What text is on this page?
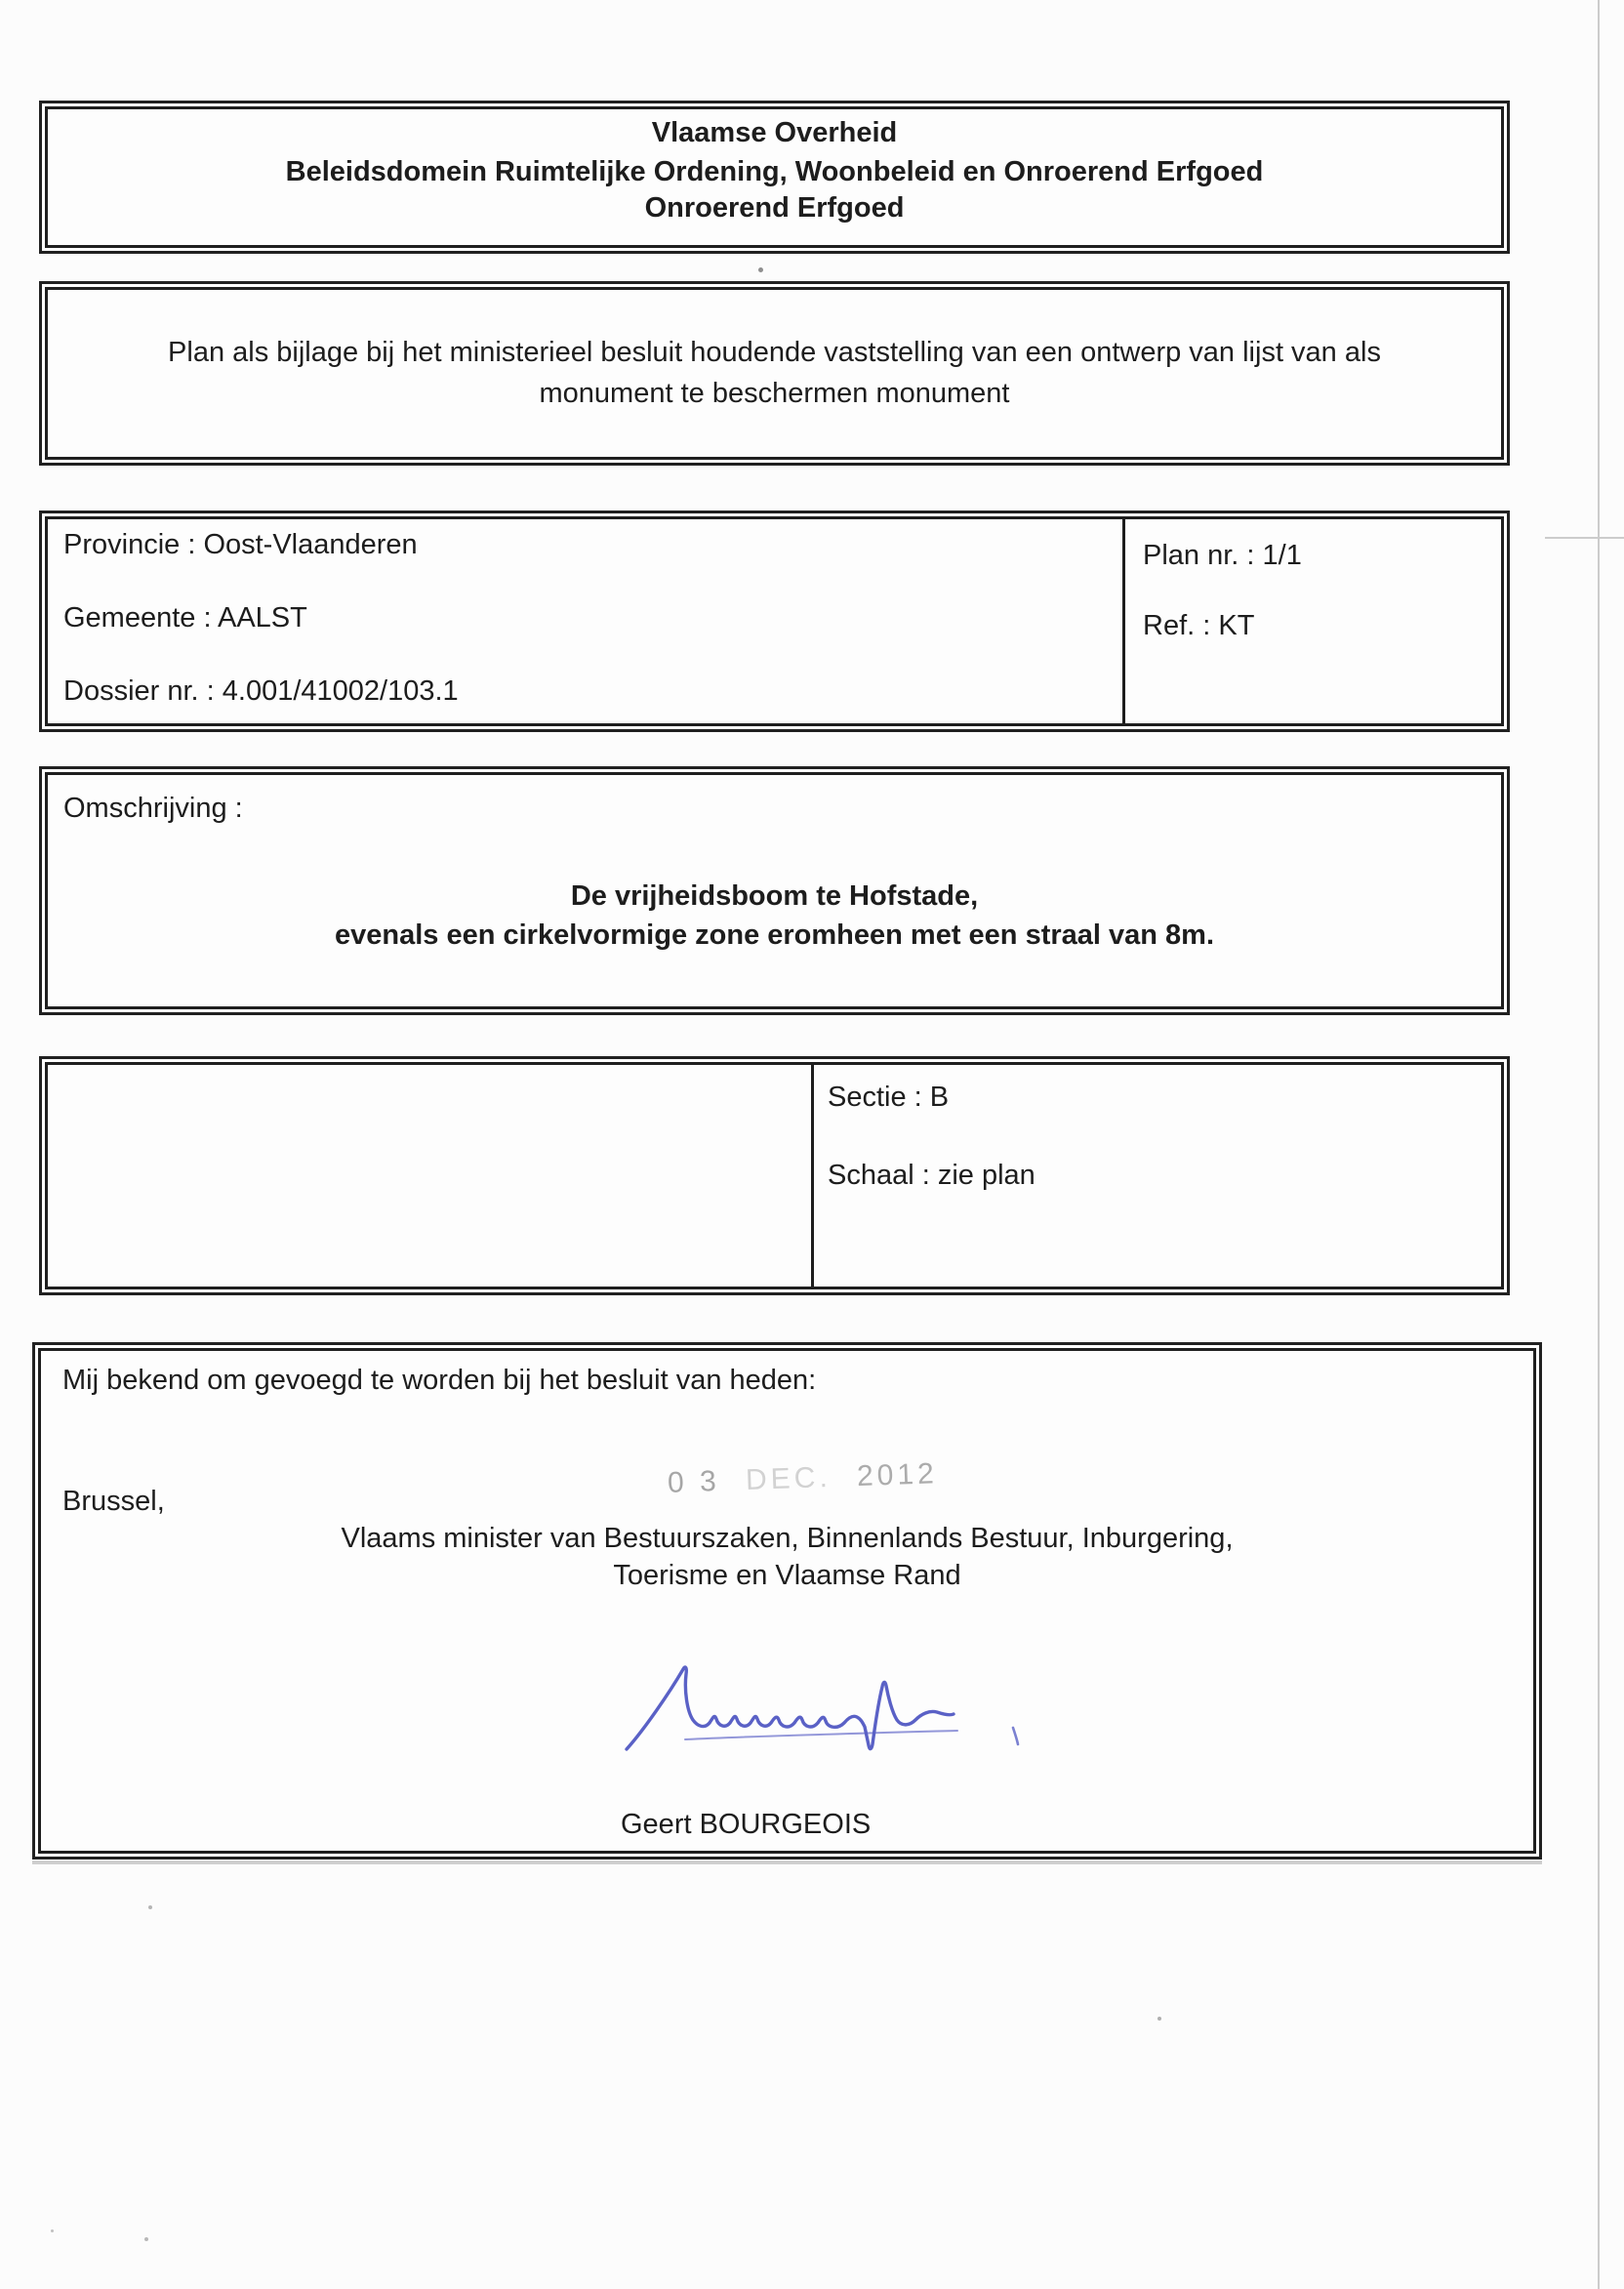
Vlaamse Overheid
Beleidsdomein Ruimtelijke Ordening, Woonbeleid en Onroerend Erfgoed
Onroerend Erfgoed
Plan als bijlage bij het ministerieel besluit houdende vaststelling van een ontwerp van lijst van als
monument te beschermen monument
Provincie : Oost-Vlaanderen
Gemeente : AALST
Dossier nr. : 4.001/41002/103.1
Plan nr. : 1/1
Ref. : KT
Omschrijving :
De vrijheidsboom te Hofstade,
evenals een cirkelvormige zone eromheen met een straal van 8m.
Sectie : B
Schaal : zie plan
Mij bekend om gevoegd te worden bij het besluit van heden:
Brussel,
0 3 DEC. 2012
Vlaams minister van Bestuurszaken, Binnenlands Bestuur, Inburgering,
Toerisme en Vlaamse Rand
Geert BOURGEOIS
